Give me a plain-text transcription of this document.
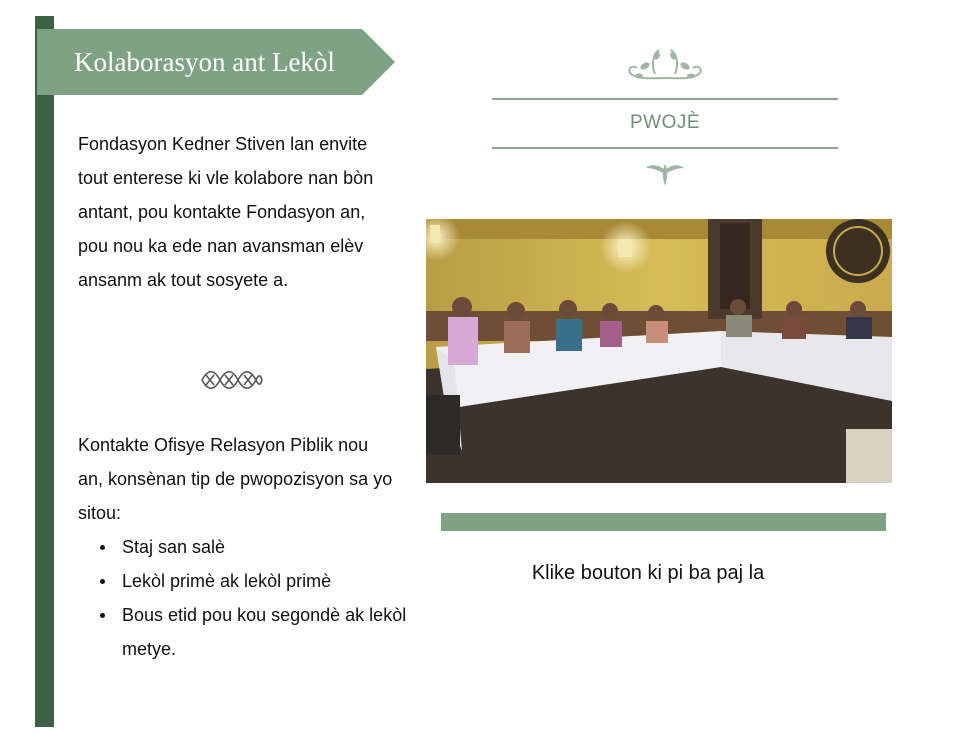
Kolaborasyon ant Lekòl
Fondasyon Kedner Stiven lan envite tout enterese ki vle kolabore nan bòn antant, pou kontakte Fondasyon an, pou nou ka ede nan avansman elèv ansanm ak tout sosyete a.
Kontakte Ofisye Relasyon Piblik nou an, konsènan tip de pwopozisyon sa yo sitou:
Staj san salè
Lekòl primè ak lekòl primè
Bous etid pou kou segondè ak lekòl metye.
PWOJÈ
Klike bouton ki pi ba paj la
